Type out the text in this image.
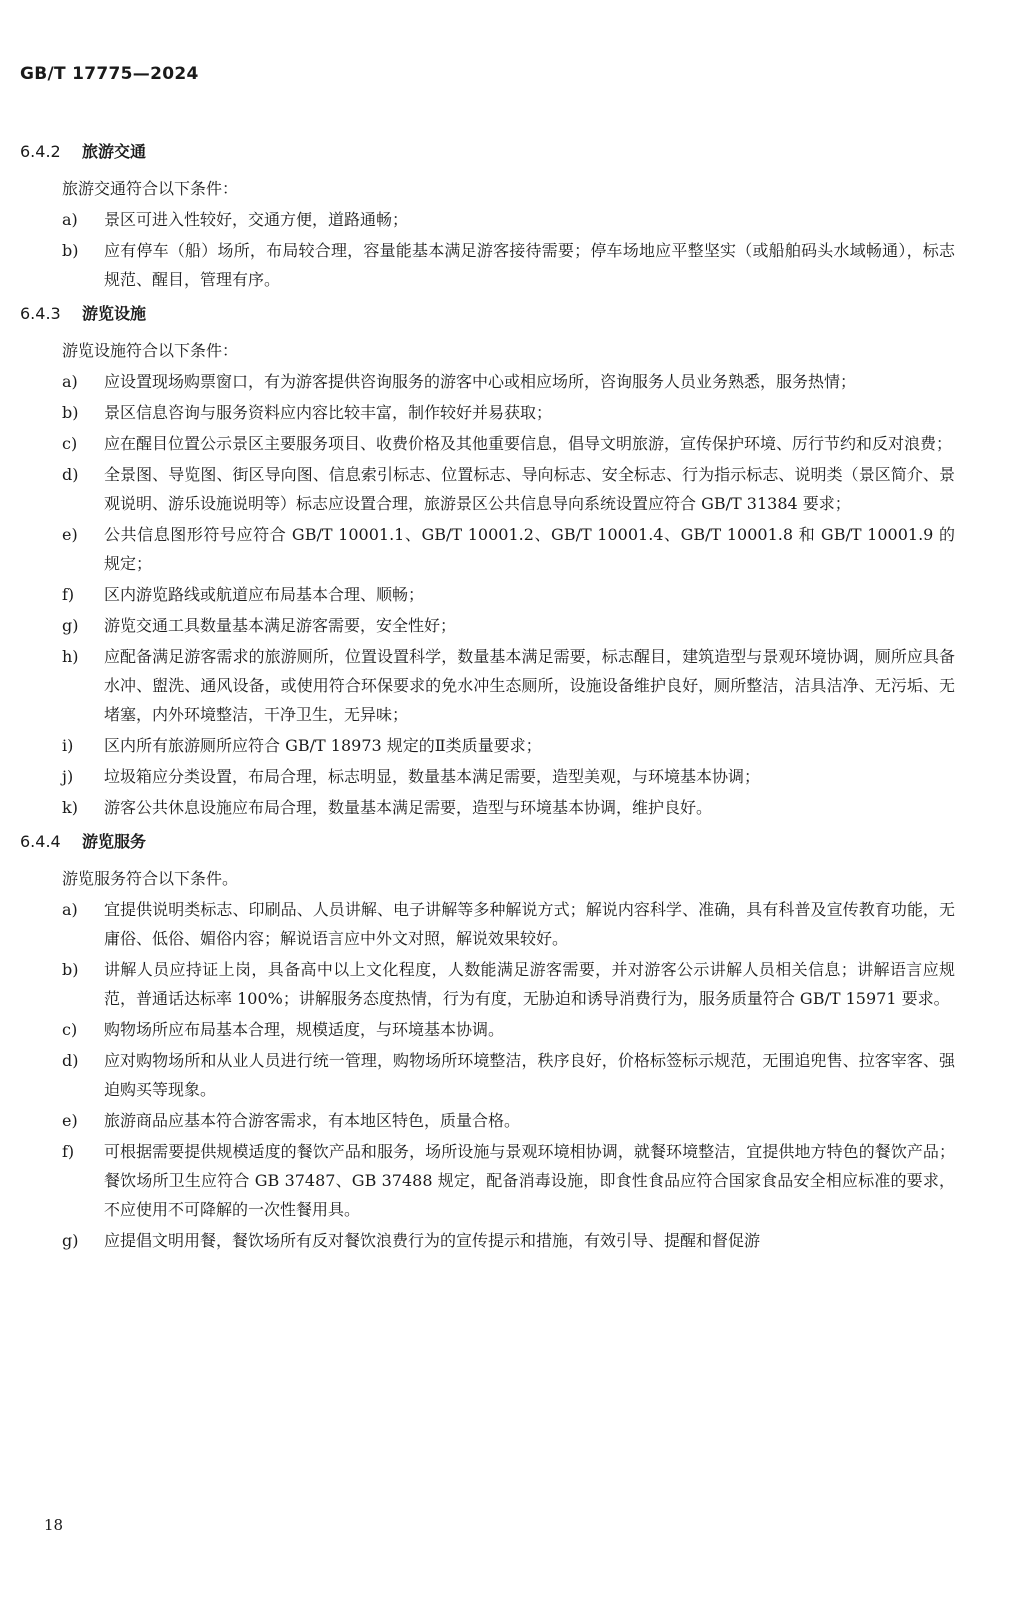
GB/T 17775—2024
6.4.2	旅游交通
旅游交通符合以下条件：
a)	景区可进入性较好，交通方便，道路通畅；
b)	应有停车（船）场所，布局较合理，容量能基本满足游客接待需要；停车场地应平整坚实（或船舶码头水域畅通），标志规范、醒目，管理有序。
6.4.3	游览设施
游览设施符合以下条件：
a)	应设置现场购票窗口，有为游客提供咨询服务的游客中心或相应场所，咨询服务人员业务熟悉，服务热情；
b)	景区信息咨询与服务资料应内容比较丰富，制作较好并易获取；
c)	应在醒目位置公示景区主要服务项目、收费价格及其他重要信息，倡导文明旅游，宣传保护环境、厉行节约和反对浪费；
d)	全景图、导览图、街区导向图、信息索引标志、位置标志、导向标志、安全标志、行为指示标志、说明类（景区简介、景观说明、游乐设施说明等）标志应设置合理，旅游景区公共信息导向系统设置应符合 GB/T 31384 要求；
e)	公共信息图形符号应符合 GB/T 10001.1、GB/T 10001.2、GB/T 10001.4、GB/T 10001.8 和 GB/T 10001.9 的规定；
f)	区内游览路线或航道应布局基本合理、顺畅；
g)	游览交通工具数量基本满足游客需要，安全性好；
h)	应配备满足游客需求的旅游厕所，位置设置科学，数量基本满足需要，标志醒目，建筑造型与景观环境协调，厕所应具备水冲、盥洗、通风设备，或使用符合环保要求的免水冲生态厕所，设施设备维护良好，厕所整洁，洁具洁净、无污垢、无堵塞，内外环境整洁，干净卫生，无异味；
i)	区内所有旅游厕所应符合 GB/T 18973 规定的Ⅱ类质量要求；
j)	垃圾箱应分类设置，布局合理，标志明显，数量基本满足需要，造型美观，与环境基本协调；
k)	游客公共休息设施应布局合理，数量基本满足需要，造型与环境基本协调，维护良好。
6.4.4	游览服务
游览服务符合以下条件。
a)	宜提供说明类标志、印刷品、人员讲解、电子讲解等多种解说方式；解说内容科学、准确，具有科普及宣传教育功能，无庸俗、低俗、媚俗内容；解说语言应中外文对照，解说效果较好。
b)	讲解人员应持证上岗，具备高中以上文化程度，人数能满足游客需要，并对游客公示讲解人员相关信息；讲解语言应规范，普通话达标率 100%；讲解服务态度热情，行为有度，无胁迫和诱导消费行为，服务质量符合 GB/T 15971 要求。
c)	购物场所应布局基本合理，规模适度，与环境基本协调。
d)	应对购物场所和从业人员进行统一管理，购物场所环境整洁，秩序良好，价格标签标示规范，无围追兜售、拉客宰客、强迫购买等现象。
e)	旅游商品应基本符合游客需求，有本地区特色，质量合格。
f)	可根据需要提供规模适度的餐饮产品和服务，场所设施与景观环境相协调，就餐环境整洁，宜提供地方特色的餐饮产品；餐饮场所卫生应符合 GB 37487、GB 37488 规定，配备消毒设施，即食性食品应符合国家食品安全相应标准的要求，不应使用不可降解的一次性餐用具。
g)	应提倡文明用餐，餐饮场所有反对餐饮浪费行为的宣传提示和措施，有效引导、提醒和督促游
18
